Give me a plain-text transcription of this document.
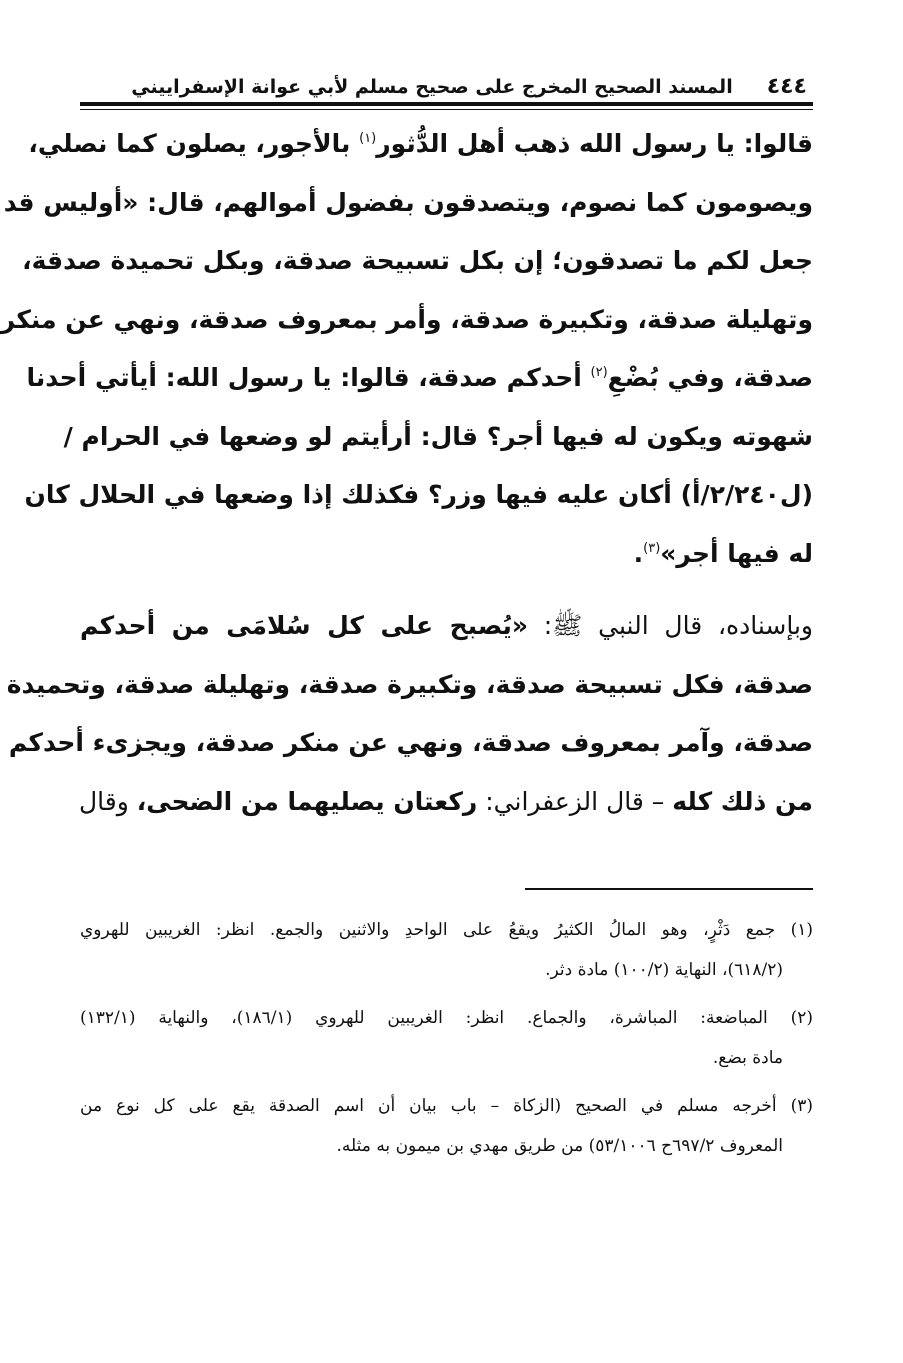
٤٤٤
المسند الصحيح المخرج على صحيح مسلم لأبي عوانة الإسفراييني
قالوا: يا رسول الله ذهب أهل الدُّثور$^{(١)}$ بالأجور، يصلون كما نصلي،
ويصومون كما نصوم، ويتصدقون بفضول أموالهم، قال: «أوليس قد
جعل لكم ما تصدقون؛ إن بكل تسبيحة صدقة، وبكل تحميدة صدقة،
وتهليلة صدقة، وتكبيرة صدقة، وأمر بمعروف صدقة، ونهي عن منكر
صدقة، وفي بُضْعِ$^{(٢)}$ أحدكم صدقة، قالوا: يا رسول الله: أيأتي أحدنا
شهوته ويكون له فيها أجر؟ قال: أرأيتم لو وضعها في الحرام /
(ل٢/٢٤٠/أ) أكان عليه فيها وزر؟ فكذلك إذا وضعها في الحلال كان
له فيها أجر»$^{(٣)}$.
وبإسناده، قال النبي ﷺ: «يُصبح على كل سُلامَى من أحدكم
صدقة، فكل تسبيحة صدقة، وتكبيرة صدقة، وتهليلة صدقة، وتحميدة
صدقة، وآمر بمعروف صدقة، ونهي عن منكر صدقة، ويجزىء أحدكم
من ذلك كله – قال الزعفراني: ركعتان يصليهما من الضحى، وقال
(١) جمع دَثْرٍ، وهو المالُ الكثيرُ ويقعُ على الواحدِ والاثنين والجمع. انظر: الغريبين للهروي
(٦١٨/٢)، النهاية (١٠٠/٢) مادة دثر.
(٢) المباضعة: المباشرة، والجماع. انظر: الغريبين للهروي (١٨٦/١)، والنهاية (١٣٢/١)
مادة بضع.
(٣) أخرجه مسلم في الصحيح (الزكاة – باب بيان أن اسم الصدقة يقع على كل نوع من
المعروف ٦٩٧/٢ح ٥٣/١٠٠٦) من طريق مهدي بن ميمون به مثله.
